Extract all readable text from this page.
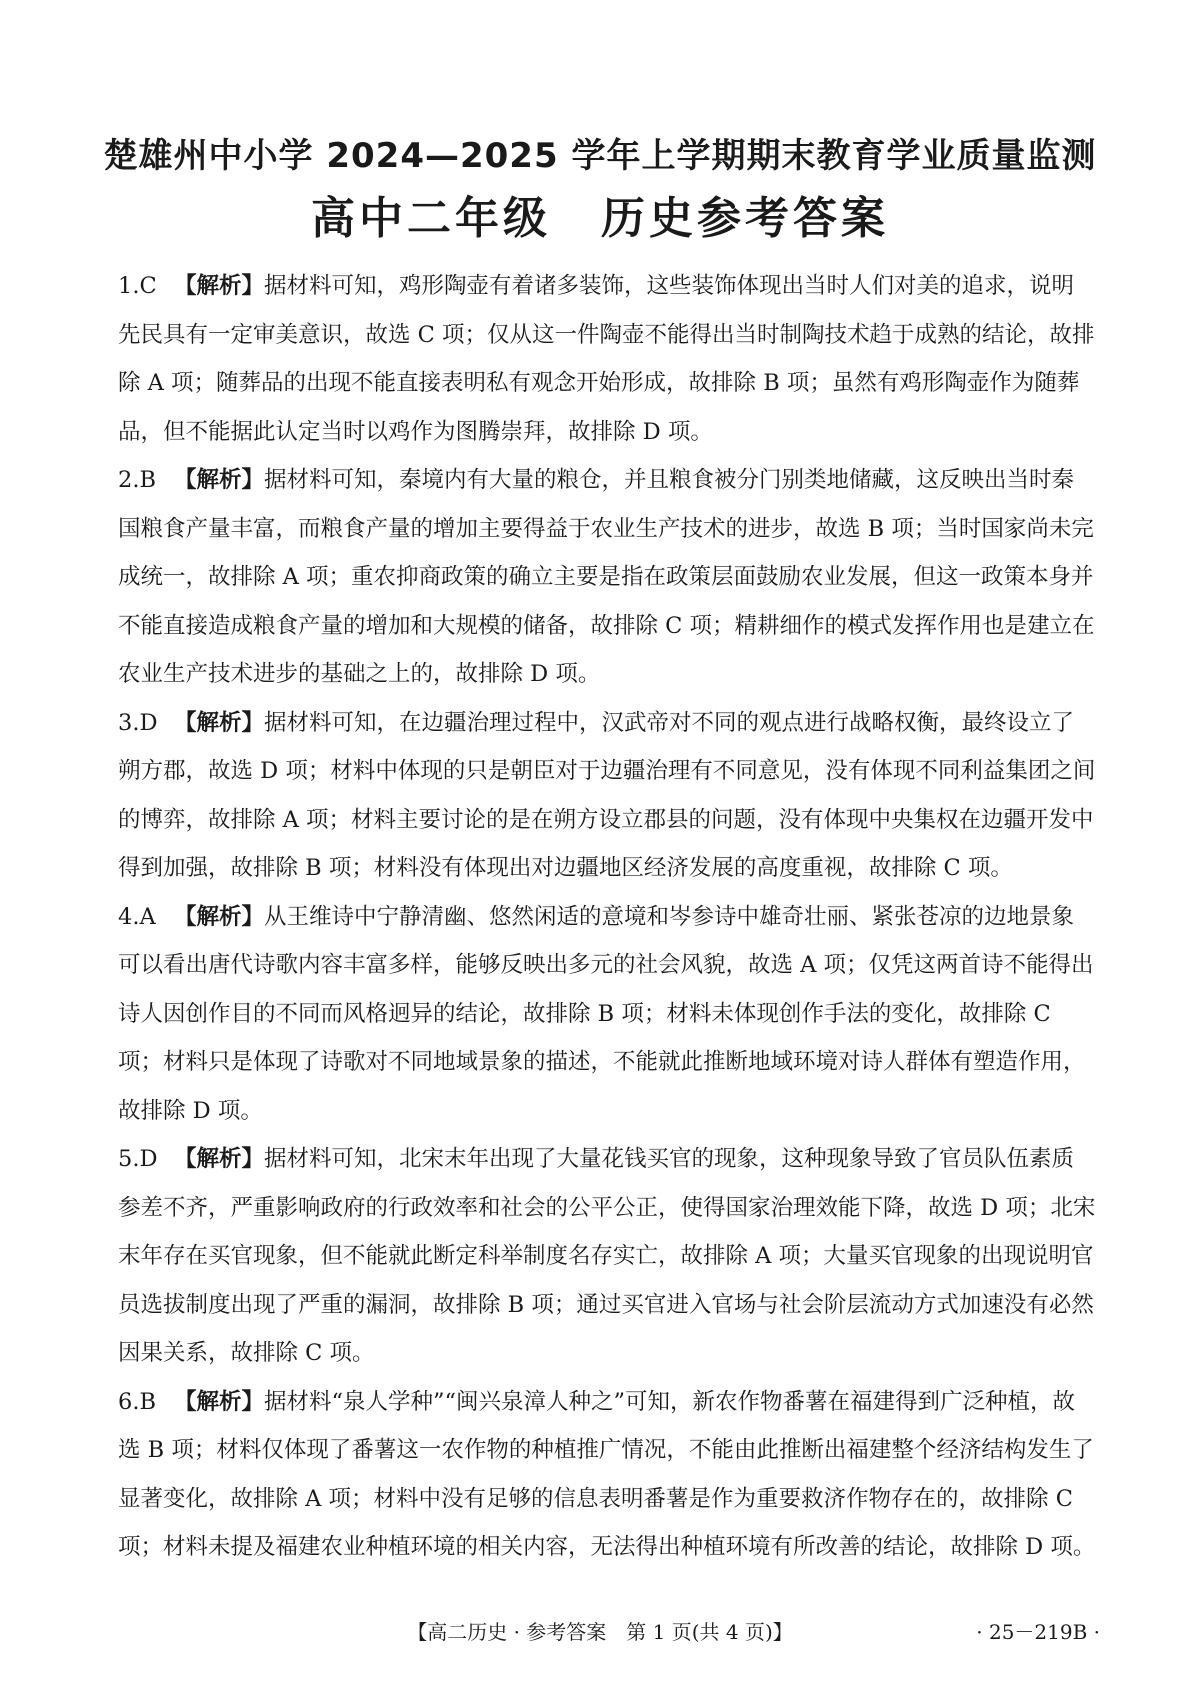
楚雄州中小学 2024—2025 学年上学期期末教育学业质量监测
高中二年级 历史参考答案

1.C 【解析】据材料可知，鸡形陶壶有着诸多装饰，这些装饰体现出当时人们对美的追求，说明先民具有一定审美意识，故选 C 项；仅从这一件陶壶不能得出当时制陶技术趋于成熟的结论，故排除 A 项；随葬品的出现不能直接表明私有观念开始形成，故排除 B 项；虽然有鸡形陶壶作为随葬品，但不能据此认定当时以鸡作为图腾崇拜，故排除 D 项。

2.B 【解析】据材料可知，秦境内有大量的粮仓，并且粮食被分门别类地储藏，这反映出当时秦国粮食产量丰富，而粮食产量的增加主要得益于农业生产技术的进步，故选 B 项；当时国家尚未完成统一，故排除 A 项；重农抑商政策的确立主要是指在政策层面鼓励农业发展，但这一政策本身并不能直接造成粮食产量的增加和大规模的储备，故排除 C 项；精耕细作的模式发挥作用也是建立在农业生产技术进步的基础之上的，故排除 D 项。

3.D 【解析】据材料可知，在边疆治理过程中，汉武帝对不同的观点进行战略权衡，最终设立了朔方郡，故选 D 项；材料中体现的只是朝臣对于边疆治理有不同意见，没有体现不同利益集团之间的博弈，故排除 A 项；材料主要讨论的是在朔方设立郡县的问题，没有体现中央集权在边疆开发中得到加强，故排除 B 项；材料没有体现出对边疆地区经济发展的高度重视，故排除 C 项。

4.A 【解析】从王维诗中宁静清幽、悠然闲适的意境和岑参诗中雄奇壮丽、紧张苍凉的边地景象可以看出唐代诗歌内容丰富多样，能够反映出多元的社会风貌，故选 A 项；仅凭这两首诗不能得出诗人因创作目的不同而风格迥异的结论，故排除 B 项；材料未体现创作手法的变化，故排除 C 项；材料只是体现了诗歌对不同地域景象的描述，不能就此推断地域环境对诗人群体有塑造作用，故排除 D 项。

5.D 【解析】据材料可知，北宋末年出现了大量花钱买官的现象，这种现象导致了官员队伍素质参差不齐，严重影响政府的行政效率和社会的公平公正，使得国家治理效能下降，故选 D 项；北宋末年存在买官现象，但不能就此断定科举制度名存实亡，故排除 A 项；大量买官现象的出现说明官员选拔制度出现了严重的漏洞，故排除 B 项；通过买官进入官场与社会阶层流动方式加速没有必然因果关系，故排除 C 项。

6.B 【解析】据材料“泉人学种”“闽兴泉漳人种之”可知，新农作物番薯在福建得到广泛种植，故选 B 项；材料仅体现了番薯这一农作物的种植推广情况，不能由此推断出福建整个经济结构发生了显著变化，故排除 A 项；材料中没有足够的信息表明番薯是作为重要救济作物存在的，故排除 C 项；材料未提及福建农业种植环境的相关内容，无法得出种植环境有所改善的结论，故排除 D 项。

【高二历史 · 参考答案　第 1 页(共 4 页)】	· 25－219B ·
